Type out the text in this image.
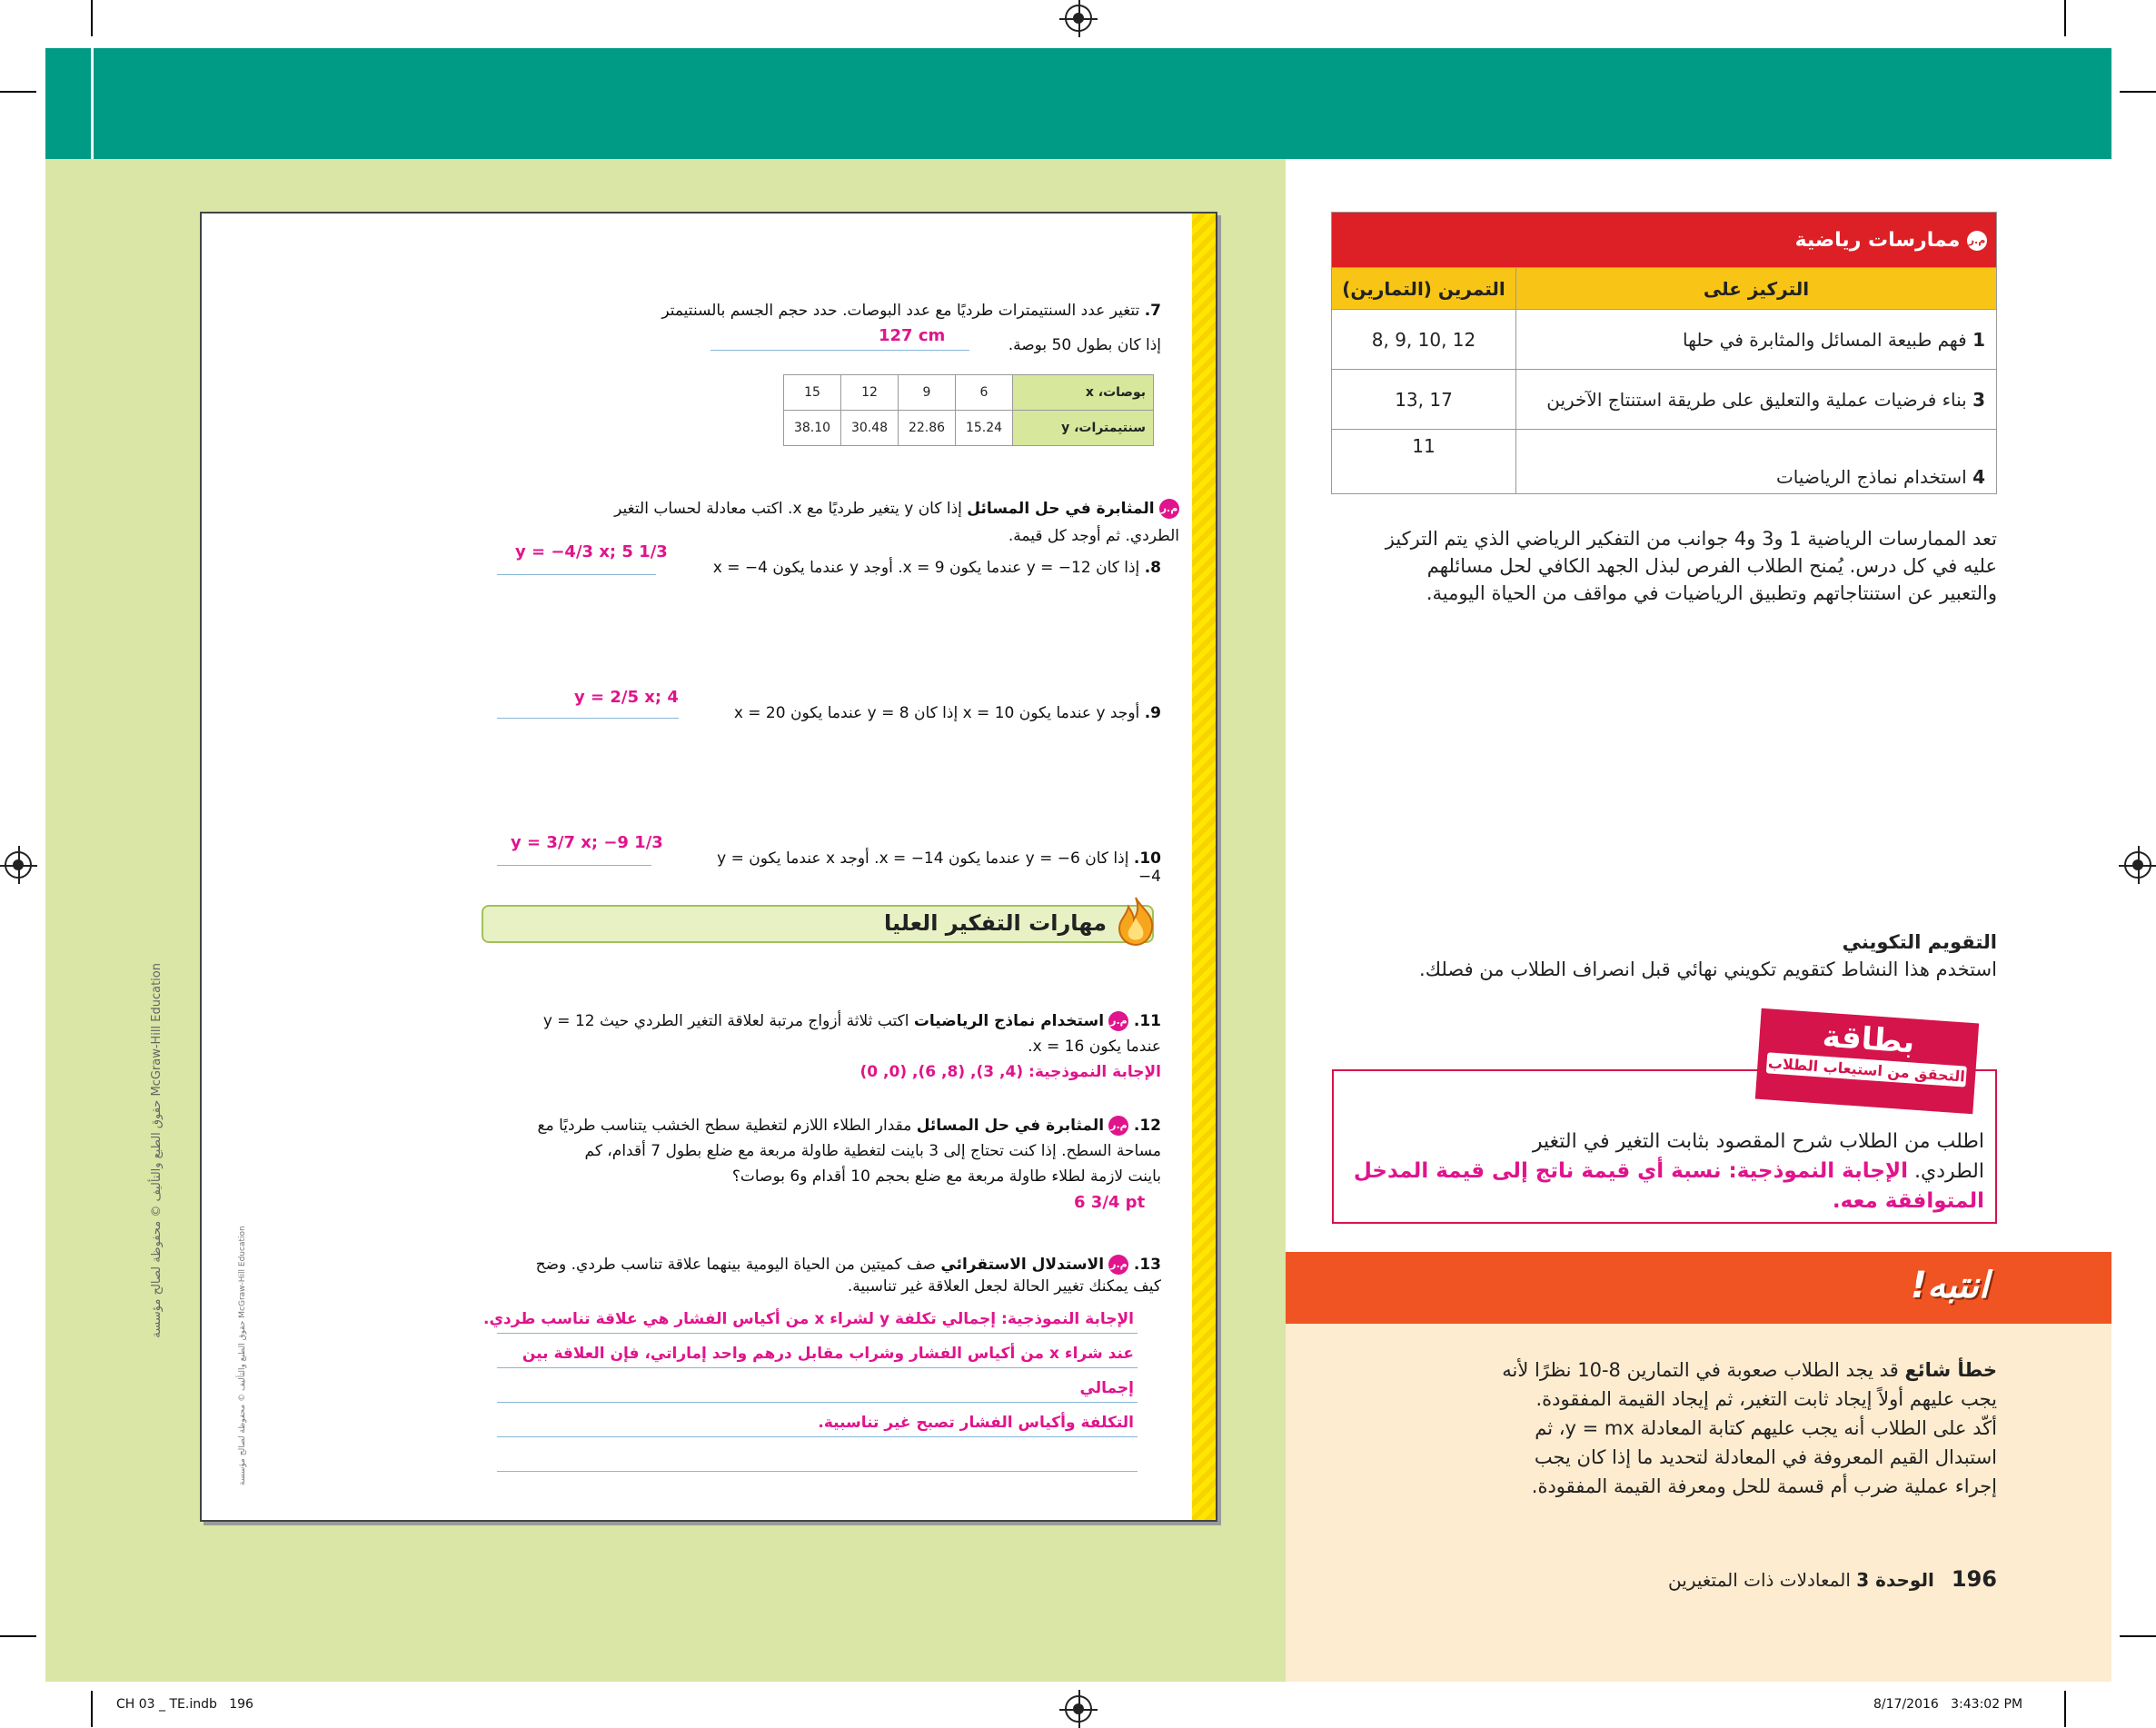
McGraw-Hill Education حقوق الطبع والتأليف © محفوظة لصالح مؤسسة
McGraw-Hill Education حقوق الطبع والتأليف © محفوظة لصالح مؤسسة
7. تتغير عدد السنتيمترات طرديًا مع عدد البوصات. حدد حجم الجسم بالسنتيمتر
إذا كان بطول 50 بوصة.
127 cm
15	12	9	6	بوصات، x
38.10	30.48	22.86	15.24	سنتيمترات، y
م.ر المثابرة في حل المسائل إذا كان y يتغير طرديًا مع x. اكتب معادلة لحساب التغير
الطردي. ثم أوجد كل قيمة.
8. إذا كان y = −12 عندما يكون x = 9. أوجد y عندما يكون x = −4
y = −4/3 x; 5 1/3
9. أوجد y عندما يكون x = 10 إذا كان y = 8 عندما يكون x = 20
y = 2/5 x; 4
10. إذا كان y = −6 عندما يكون x = −14. أوجد x عندما يكون y = −4
y = 3/7 x; −9 1/3
11. م.ر استخدام نماذج الرياضيات اكتب ثلاثة أزواج مرتبة لعلاقة التغير الطردي حيث y = 12
عندما يكون x = 16.
الإجابة النموذجية: (4, 3), (8, 6), (0, 0)
12. م.ر المثابرة في حل المسائل مقدار الطلاء اللازم لتغطية سطح الخشب يتناسب طرديًا مع
مساحة السطح. إذا كنت تحتاج إلى 3 باينت لتغطية طاولة مربعة مع ضلع بطول 7 أقدام، كم
باينت لازمة لطلاء طاولة مربعة مع ضلع بحجم 10 أقدام و6 بوصات؟
6 3/4 pt
13. م.ر الاستدلال الاستقرائي صف كميتين من الحياة اليومية بينهما علاقة تناسب طردي. وضح
كيف يمكنك تغيير الحالة لجعل العلاقة غير تناسبية.
الإجابة النموذجية: إجمالي تكلفة y لشراء x من أكياس الفشار هي علاقة تناسب طردي.
عند شراء x من أكياس الفشار وشراب مقابل درهم واحد إماراتي، فإن العلاقة بين إجمالي
التكلفة وأكياس الفشار تصبح غير تناسبية.
مهارات التفكير العليا
م.ر ممارسات رياضية	
التمرين (التمارين)	التركيز على
8, 9, 10, 12	1 فهم طبيعة المسائل والمثابرة في حلها
13, 17	3 بناء فرضيات عملية والتعليق على طريقة استنتاج الآخرين
11	4 استخدام نماذج الرياضيات
تعد الممارسات الرياضية 1 و3 و4 جوانب من التفكير الرياضي الذي يتم التركيز
عليه في كل درس. يُمنح الطلاب الفرص لبذل الجهد الكافي لحل مسائلهم
والتعبير عن استنتاجاتهم وتطبيق الرياضيات في مواقف من الحياة اليومية.
التقويم التكويني
استخدم هذا النشاط كتقويم تكويني نهائي قبل انصراف الطلاب من فصلك.
اطلب من الطلاب شرح المقصود بثابت التغير في التغير
الطردي. الإجابة النموذجية: نسبة أي قيمة ناتج إلى قيمة المدخل
المتوافقة معه.
بطاقة
التحقق من استيعاب الطلاب
انتبه!
خطأ شائع قد يجد الطلاب صعوبة في التمارين 8-10 نظرًا لأنه
يجب عليهم أولاً إيجاد ثابت التغير، ثم إيجاد القيمة المفقودة.
أكّد على الطلاب أنه يجب عليهم كتابة المعادلة y = mx، ثم
استبدال القيم المعروفة في المعادلة لتحديد ما إذا كان يجب
إجراء عملية ضرب أم قسمة للحل ومعرفة القيمة المفقودة.
196   الوحدة 3 المعادلات ذات المتغيرين
CH 03 _ TE.indb   196	8/17/2016   3:43:02 PM
